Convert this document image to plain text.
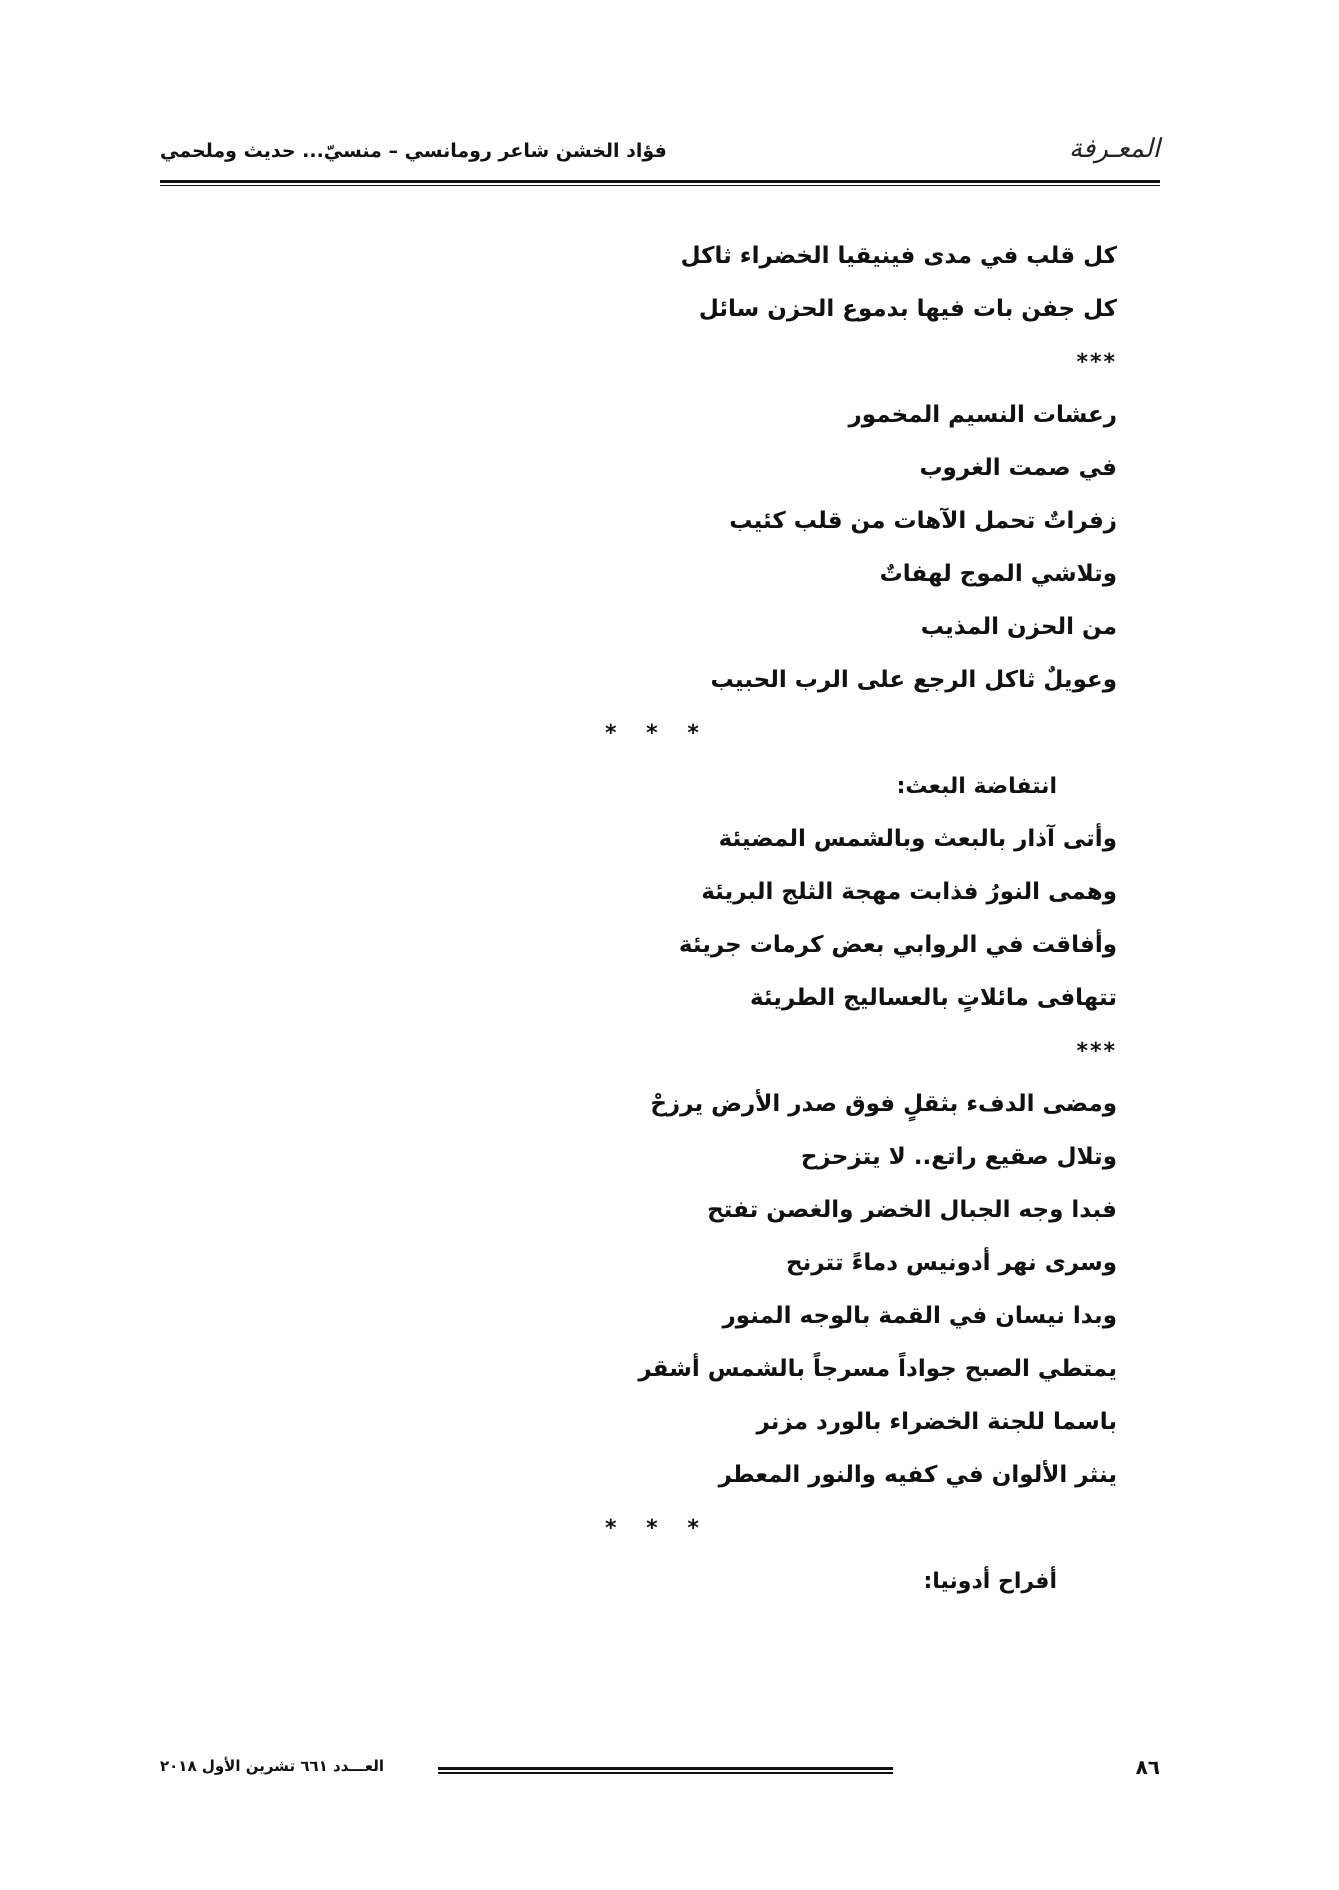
المعـرفة
فؤاد الخشن شاعر رومانسي – منسيّ... حديث وملحمي
كل قلب في مدى فينيقيا الخضراء ثاكل
كل جفن بات فيها بدموع الحزن سائل
***
رعشات النسيم المخمور
في صمت الغروب
زفراتٌ تحمل الآهات من قلب كئيب
وتلاشي الموج لهفاتٌ
من الحزن المذيب
وعويلٌ ثاكل الرجع على الرب الحبيب
* * *
انتفاضة البعث:
وأتى آذار بالبعث وبالشمس المضيئة
وهمى النورُ فذابت مهجة الثلج البريئة
وأفاقت في الروابي بعض كرمات جريئة
تتهافى مائلاتٍ بالعساليج الطريئة
***
ومضى الدفء بثقلٍ فوق صدر الأرض يرزحْ
وتلال صقيع راتع.. لا يتزحزح
فبدا وجه الجبال الخضر والغصن تفتح
وسرى نهر أدونيس دماءً تترنح
وبدا نيسان في القمة بالوجه المنور
يمتطي الصبح جواداً مسرجاً بالشمس أشقر
باسما للجنة الخضراء بالورد مزنر
ينثر الألوان في كفيه والنور المعطر
* * *
أفراح أدونيا:
٨٦
العـــدد ٦٦١ تشرين الأول ٢٠١٨
